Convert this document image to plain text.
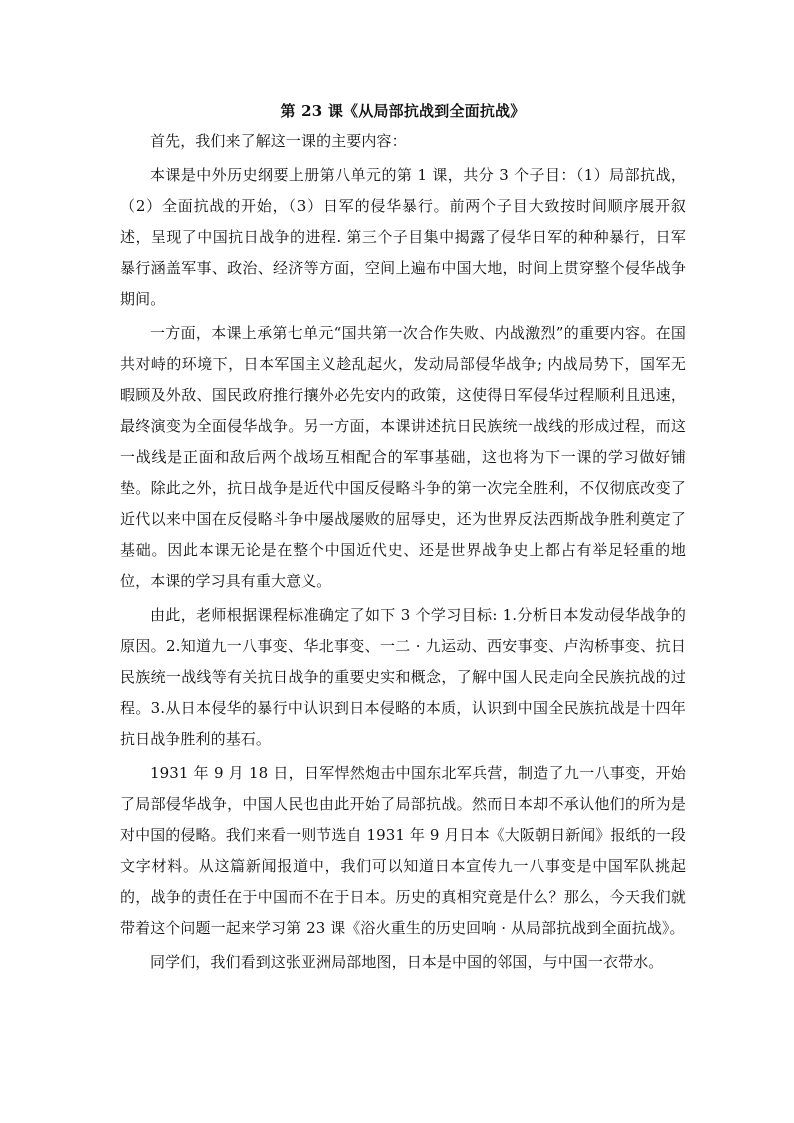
第 23 课《从局部抗战到全面抗战》

首先，我们来了解这一课的主要内容：

本课是中外历史纲要上册第八单元的第 1 课，共分 3 个子目：（1）局部抗战，（2）全面抗战的开始，（3）日军的侵华暴行。前两个子目大致按时间顺序展开叙述，呈现了中国抗日战争的进程. 第三个子目集中揭露了侵华日军的种种暴行，日军暴行涵盖军事、政治、经济等方面，空间上遍布中国大地，时间上贯穿整个侵华战争期间。

一方面，本课上承第七单元“国共第一次合作失败、内战激烈”的重要内容。在国共对峙的环境下，日本军国主义趁乱起火，发动局部侵华战争; 内战局势下，国军无暇顾及外敌、国民政府推行攘外必先安内的政策，这使得日军侵华过程顺利且迅速，最终演变为全面侵华战争。另一方面，本课讲述抗日民族统一战线的形成过程，而这一战线是正面和敌后两个战场互相配合的军事基础，这也将为下一课的学习做好铺垫。除此之外，抗日战争是近代中国反侵略斗争的第一次完全胜利，不仅彻底改变了近代以来中国在反侵略斗争中屡战屡败的屈辱史，还为世界反法西斯战争胜利奠定了基础。因此本课无论是在整个中国近代史、还是世界战争史上都占有举足轻重的地位，本课的学习具有重大意义。

由此，老师根据课程标准确定了如下 3 个学习目标: 1.分析日本发动侵华战争的原因。2.知道九一八事变、华北事变、一二 · 九运动、西安事变、卢沟桥事变、抗日民族统一战线等有关抗日战争的重要史实和概念，了解中国人民走向全民族抗战的过程。3.从日本侵华的暴行中认识到日本侵略的本质，认识到中国全民族抗战是十四年抗日战争胜利的基石。

1931 年 9 月 18 日，日军悍然炮击中国东北军兵营，制造了九一八事变，开始了局部侵华战争，中国人民也由此开始了局部抗战。然而日本却不承认他们的所为是对中国的侵略。我们来看一则节选自 1931 年 9 月日本《大阪朝日新闻》报纸的一段文字材料。从这篇新闻报道中，我们可以知道日本宣传九一八事变是中国军队挑起的，战争的责任在于中国而不在于日本。历史的真相究竟是什么？那么，今天我们就带着这个问题一起来学习第 23 课《浴火重生的历史回响 · 从局部抗战到全面抗战》。

同学们，我们看到这张亚洲局部地图，日本是中国的邻国，与中国一衣带水。
